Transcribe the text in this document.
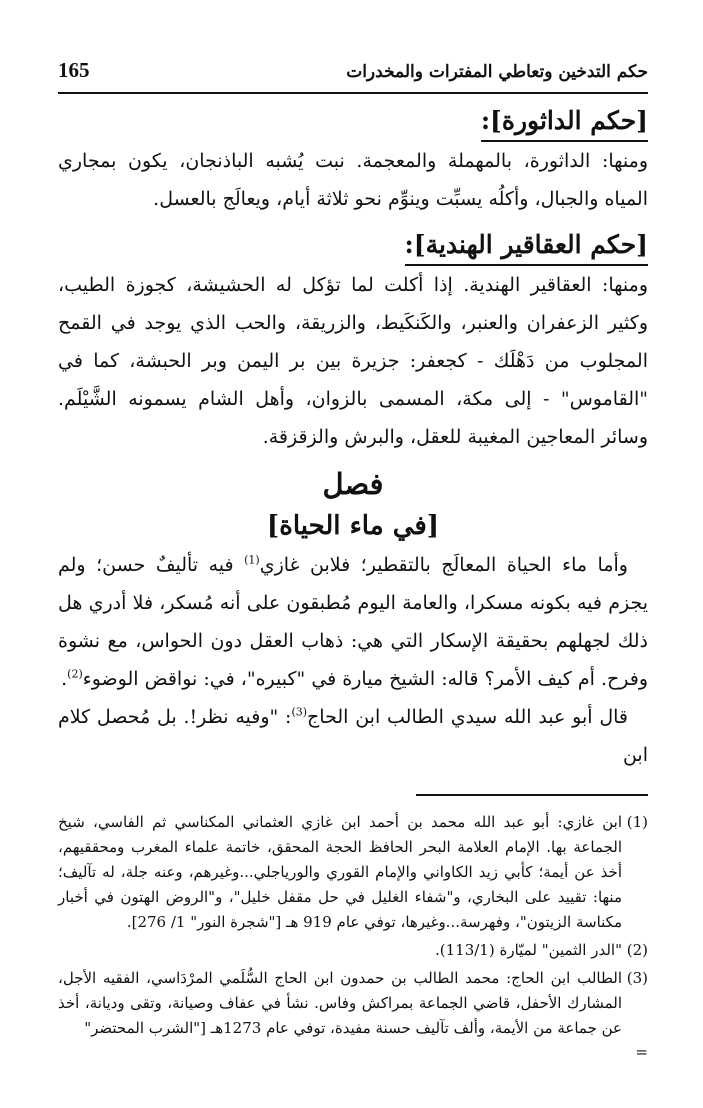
حكم التدخين وتعاطي المفترات والمخدرات
165
[حكم الداثورة]:

ومنها: الداثورة، بالمهملة والمعجمة. نبت يُشبه الباذنجان، يكون بمجاري المياه والجبال، وأكلُه يسبِّت وينوِّم نحو ثلاثة أيام، ويعالَج بالعسل.

[حكم العقاقير الهندية]:

ومنها: العقاقير الهندية. إذا أكلت لما تؤكل له الحشيشة، كجوزة الطيب، وكثير الزعفران والعنبر، والكَنكَيط، والزريقة، والحب الذي يوجد في القمح المجلوب من دَهْلَك - كجعفر: جزيرة بين بر اليمن وبر الحبشة، كما في "القاموس" - إلى مكة، المسمى بالزوان، وأهل الشام يسمونه الشَّيْلَم. وسائر المعاجين المغيبة للعقل، والبرش والزقزقة.

فصل
[في ماء الحياة]

وأما ماء الحياة المعالَج بالتقطير؛ فلابن غازي$^{(1)}$ فيه تأليفٌ حسن؛ ولم يجزم فيه بكونه مسكرا، والعامة اليوم مُطبقون على أنه مُسكر، فلا أدري هل ذلك لجهلهم بحقيقة الإسكار التي هي: ذهاب العقل دون الحواس، مع نشوة وفرح. أم كيف الأمر؟ قاله: الشيخ ميارة في "كبيره"، في: نواقض الوضوء$^{(2)}$.

قال أبو عبد الله سيدي الطالب ابن الحاج$^{(3)}$: "وفيه نظر!. بل مُحصل كلام ابن

(1)
ابن غازي: أبو عبد الله محمد بن أحمد ابن غازي العثماني المكناسي ثم الفاسي، شيخ الجماعة بها. الإمام العلامة البحر الحافظ الحجة المحقق، خاتمة علماء المغرب ومحققيهم، أخذ عن أيمة؛ كأبي زيد الكاواني والإمام القوري والورياجلي...وغيرهم، وعنه جلة، له تآليف؛ منها: تقييد على البخاري، و"شفاء الغليل في حل مقفل خليل"، و"الروض الهتون في أخبار مكناسة الزيتون"، وفهرسة...وغيرها، توفي عام 919 هـ ["شجرة النور" 1/ 276].
(2)
"الدر الثمين" لميّارة (113/1).
(3)
الطالب ابن الحاج: محمد الطالب بن حمدون ابن الحاج السُّلَمي المرْدَاسي، الفقيه الأجل، المشارك الأحفل، قاضي الجماعة بمراكش وفاس. نشأ في عفاف وصيانة، وتقى وديانة، أخذ عن جماعة من الأيمة، وألف تآليف حسنة مفيدة، توفي عام 1273هـ ["الشرب المحتضر"
=
